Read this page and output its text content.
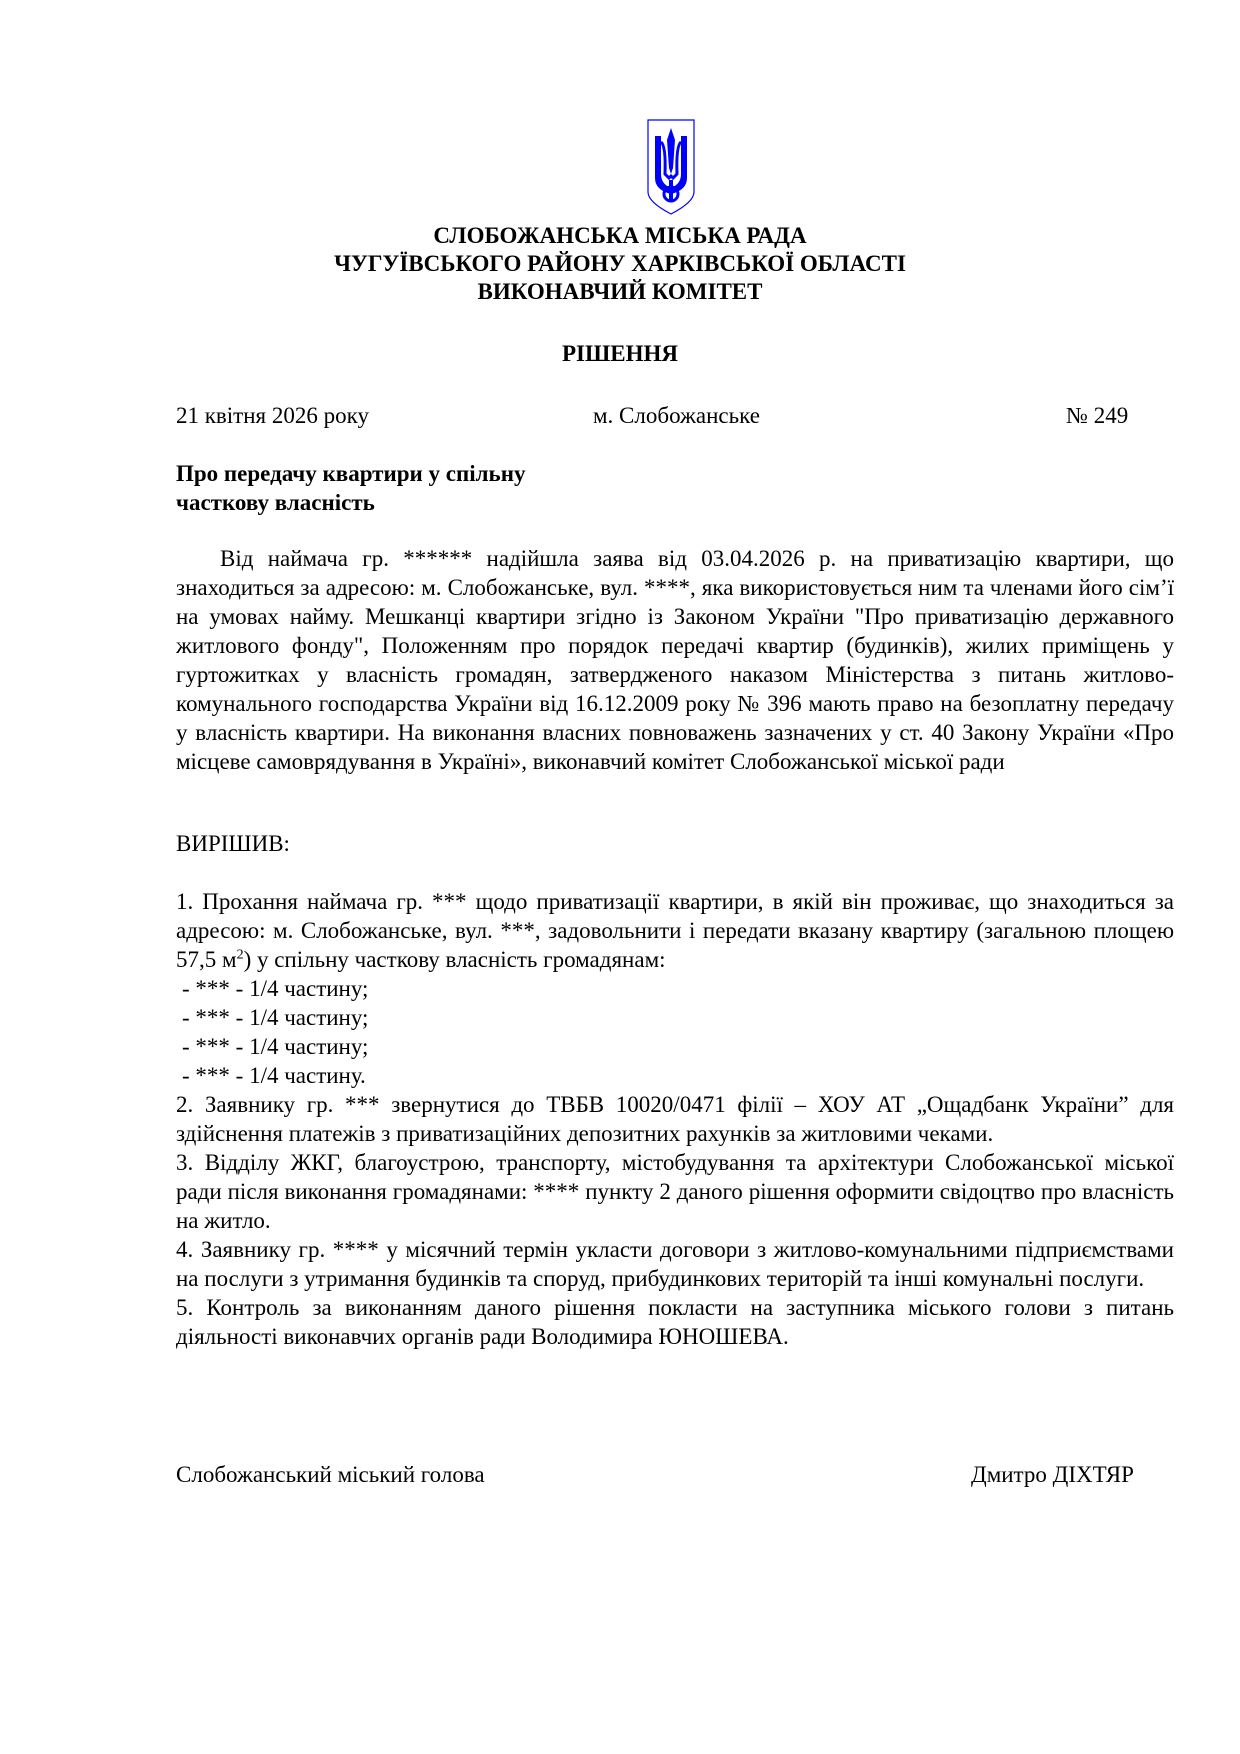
СЛОБОЖАНСЬКА МІСЬКА РАДА
ЧУГУЇВСЬКОГО РАЙОНУ ХАРКІВСЬКОЇ ОБЛАСТІ
ВИКОНАВЧИЙ КОМІТЕТ
РІШЕННЯ
21 квітня 2026 року	м. Слобожанське	№ 249
Про передачу квартири у спільну
часткову власність
Від наймача гр. ****** надійшла заява від 03.04.2026 р. на приватизацію квартири, що знаходиться за адресою: м. Слобожанське, вул. ****, яка використовується ним та членами його сім’ї на умовах найму. Мешканці квартири згідно із Законом України "Про приватизацію державного житлового фонду", Положенням про порядок передачі квартир (будинків), жилих приміщень у гуртожитках у власність громадян, затвердженого наказом Міністерства з питань житлово-комунального господарства України від 16.12.2009 року № 396 мають право на безоплатну передачу у власність квартири. На виконання власних повноважень зазначених у ст. 40 Закону України «Про місцеве самоврядування в Україні», виконавчий комітет Слобожанської міської ради
ВИРІШИВ:

1. Прохання наймача гр. *** щодо приватизації квартири, в якій він проживає, що знаходиться за адресою: м. Слобожанське, вул. ***, задовольнити і передати вказану квартиру (загальною площею 57,5 $м^2$) у спільну часткову власність громадянам:

- *** - 1/4 частину;

- *** - 1/4 частину;

- *** - 1/4 частину;

- *** - 1/4 частину.

2. Заявнику гр. *** звернутися до ТВБВ 10020/0471 філії – ХОУ АТ „Ощадбанк України” для здійснення платежів з приватизаційних депозитних рахунків за житловими чеками.

3. Відділу ЖКГ, благоустрою, транспорту, містобудування та архітектури Слобожанської міської ради після виконання громадянами: **** пункту 2 даного рішення оформити свідоцтво про власність на житло.

4. Заявнику гр. **** у місячний термін укласти договори з житлово-комунальними підприємствами на послуги з утримання будинків та споруд, прибудинкових територій та інші комунальні послуги.

5. Контроль за виконанням даного рішення покласти на заступника міського голови з питань діяльності виконавчих органів ради Володимира ЮНОШЕВА.

Слобожанський міський голова	Дмитро ДІХТЯР
